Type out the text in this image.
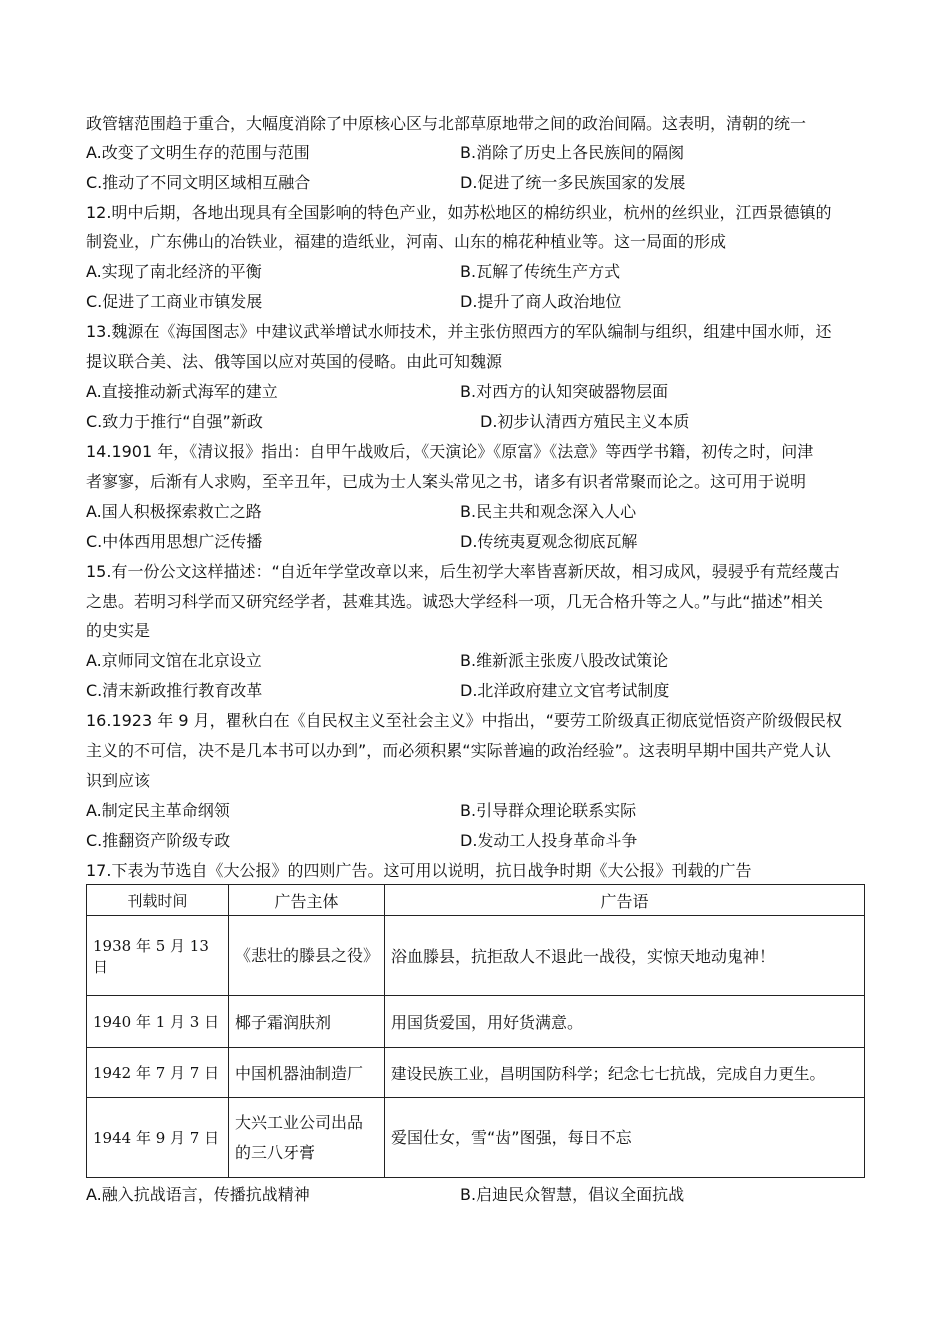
政管辖范围趋于重合，大幅度消除了中原核心区与北部草原地带之间的政治间隔。这表明，清朝的统一
A.改变了文明生存的范围与范围	B.消除了历史上各民族间的隔阂
C.推动了不同文明区域相互融合	D.促进了统一多民族国家的发展
12.明中后期，各地出现具有全国影响的特色产业，如苏松地区的棉纺织业，杭州的丝织业，江西景德镇的
制瓷业，广东佛山的冶铁业，福建的造纸业，河南、山东的棉花种植业等。这一局面的形成
A.实现了南北经济的平衡	B.瓦解了传统生产方式
C.促进了工商业市镇发展	D.提升了商人政治地位
13.魏源在《海国图志》中建议武举增试水师技术，并主张仿照西方的军队编制与组织，组建中国水师，还
提议联合美、法、俄等国以应对英国的侵略。由此可知魏源
A.直接推动新式海军的建立	B.对西方的认知突破器物层面
C.致力于推行“自强”新政	D.初步认清西方殖民主义本质
14.1901 年，《清议报》指出：自甲午战败后，《天演论》《原富》《法意》等西学书籍，初传之时，问津
者寥寥，后渐有人求购，至辛丑年，已成为士人案头常见之书，诸多有识者常聚而论之。这可用于说明
A.国人积极探索救亡之路	B.民主共和观念深入人心
C.中体西用思想广泛传播	D.传统夷夏观念彻底瓦解
15.有一份公文这样描述：“自近年学堂改章以来，后生初学大率皆喜新厌故，相习成风，骎骎乎有荒经蔑古
之患。若明习科学而又研究经学者，甚难其选。诚恐大学经科一项，几无合格升等之人。”与此“描述”相关
的史实是
A.京师同文馆在北京设立	B.维新派主张废八股改试策论
C.清末新政推行教育改革	D.北洋政府建立文官考试制度
16.1923 年 9 月，瞿秋白在《自民权主义至社会主义》中指出，“要劳工阶级真正彻底觉悟资产阶级假民权
主义的不可信，决不是几本书可以办到”，而必须积累“实际普遍的政治经验”。这表明早期中国共产党人认
识到应该
A.制定民主革命纲领	B.引导群众理论联系实际
C.推翻资产阶级专政	D.发动工人投身革命斗争
17.下表为节选自《大公报》的四则广告。这可用以说明，抗日战争时期《大公报》刊载的广告
刊载时间	广告主体	广告语
1938 年 5 月 13 日	《悲壮的滕县之役》	浴血滕县，抗拒敌人不退此一战役，实惊天地动鬼神！
1940 年 1 月 3 日	椰子霜润肤剂	用国货爱国，用好货满意。
1942 年 7 月 7 日	中国机器油制造厂	建设民族工业，昌明国防科学；纪念七七抗战，完成自力更生。
1944 年 9 月 7 日	大兴工业公司出品的三八牙膏	爱国仕女，雪“齿”图强，每日不忘
A.融入抗战语言，传播抗战精神	B.启迪民众智慧，倡议全面抗战
